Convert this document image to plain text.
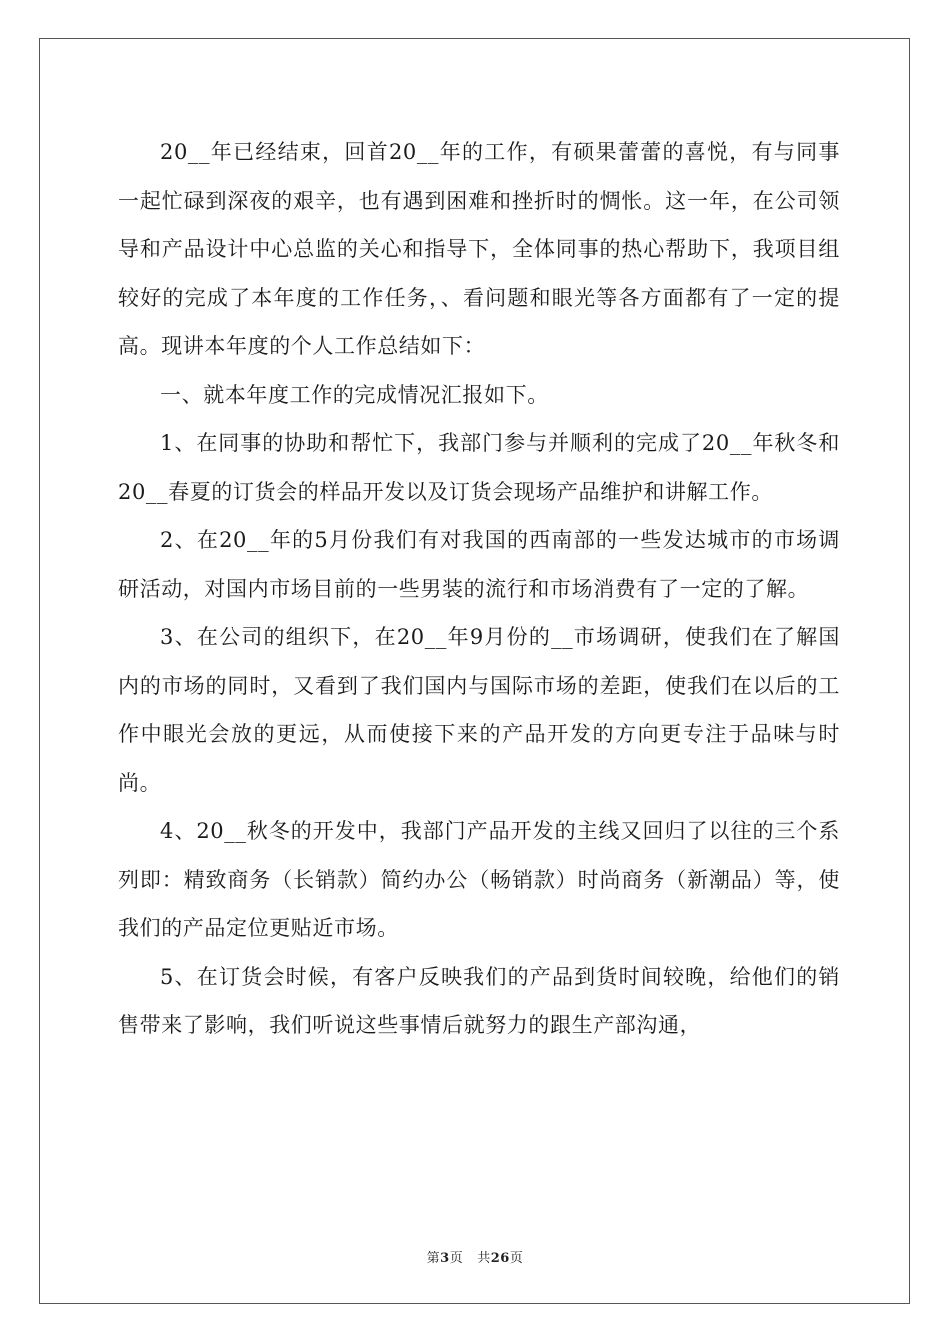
20__年已经结束，回首20__年的工作，有硕果蕾蕾的喜悦，有与同事一起忙碌到深夜的艰辛，也有遇到困难和挫折时的惆怅。这一年，在公司领导和产品设计中心总监的关心和指导下，全体同事的热心帮助下，我项目组较好的完成了本年度的工作任务，、看问题和眼光等各方面都有了一定的提高。现讲本年度的个人工作总结如下：

一、就本年度工作的完成情况汇报如下。

1、在同事的协助和帮忙下，我部门参与并顺利的完成了20__年秋冬和20__春夏的订货会的样品开发以及订货会现场产品维护和讲解工作。

2、在20__年的5月份我们有对我国的西南部的一些发达城市的市场调研活动，对国内市场目前的一些男装的流行和市场消费有了一定的了解。

3、在公司的组织下，在20__年9月份的__市场调研，使我们在了解国内的市场的同时，又看到了我们国内与国际市场的差距，使我们在以后的工作中眼光会放的更远，从而使接下来的产品开发的方向更专注于品味与时尚。

4、20__秋冬的开发中，我部门产品开发的主线又回归了以往的三个系列即：精致商务（长销款）简约办公（畅销款）时尚商务（新潮品）等，使我们的产品定位更贴近市场。

5、在订货会时候，有客户反映我们的产品到货时间较晚，给他们的销售带来了影响，我们听说这些事情后就努力的跟生产部沟通，

第3页 共26页
